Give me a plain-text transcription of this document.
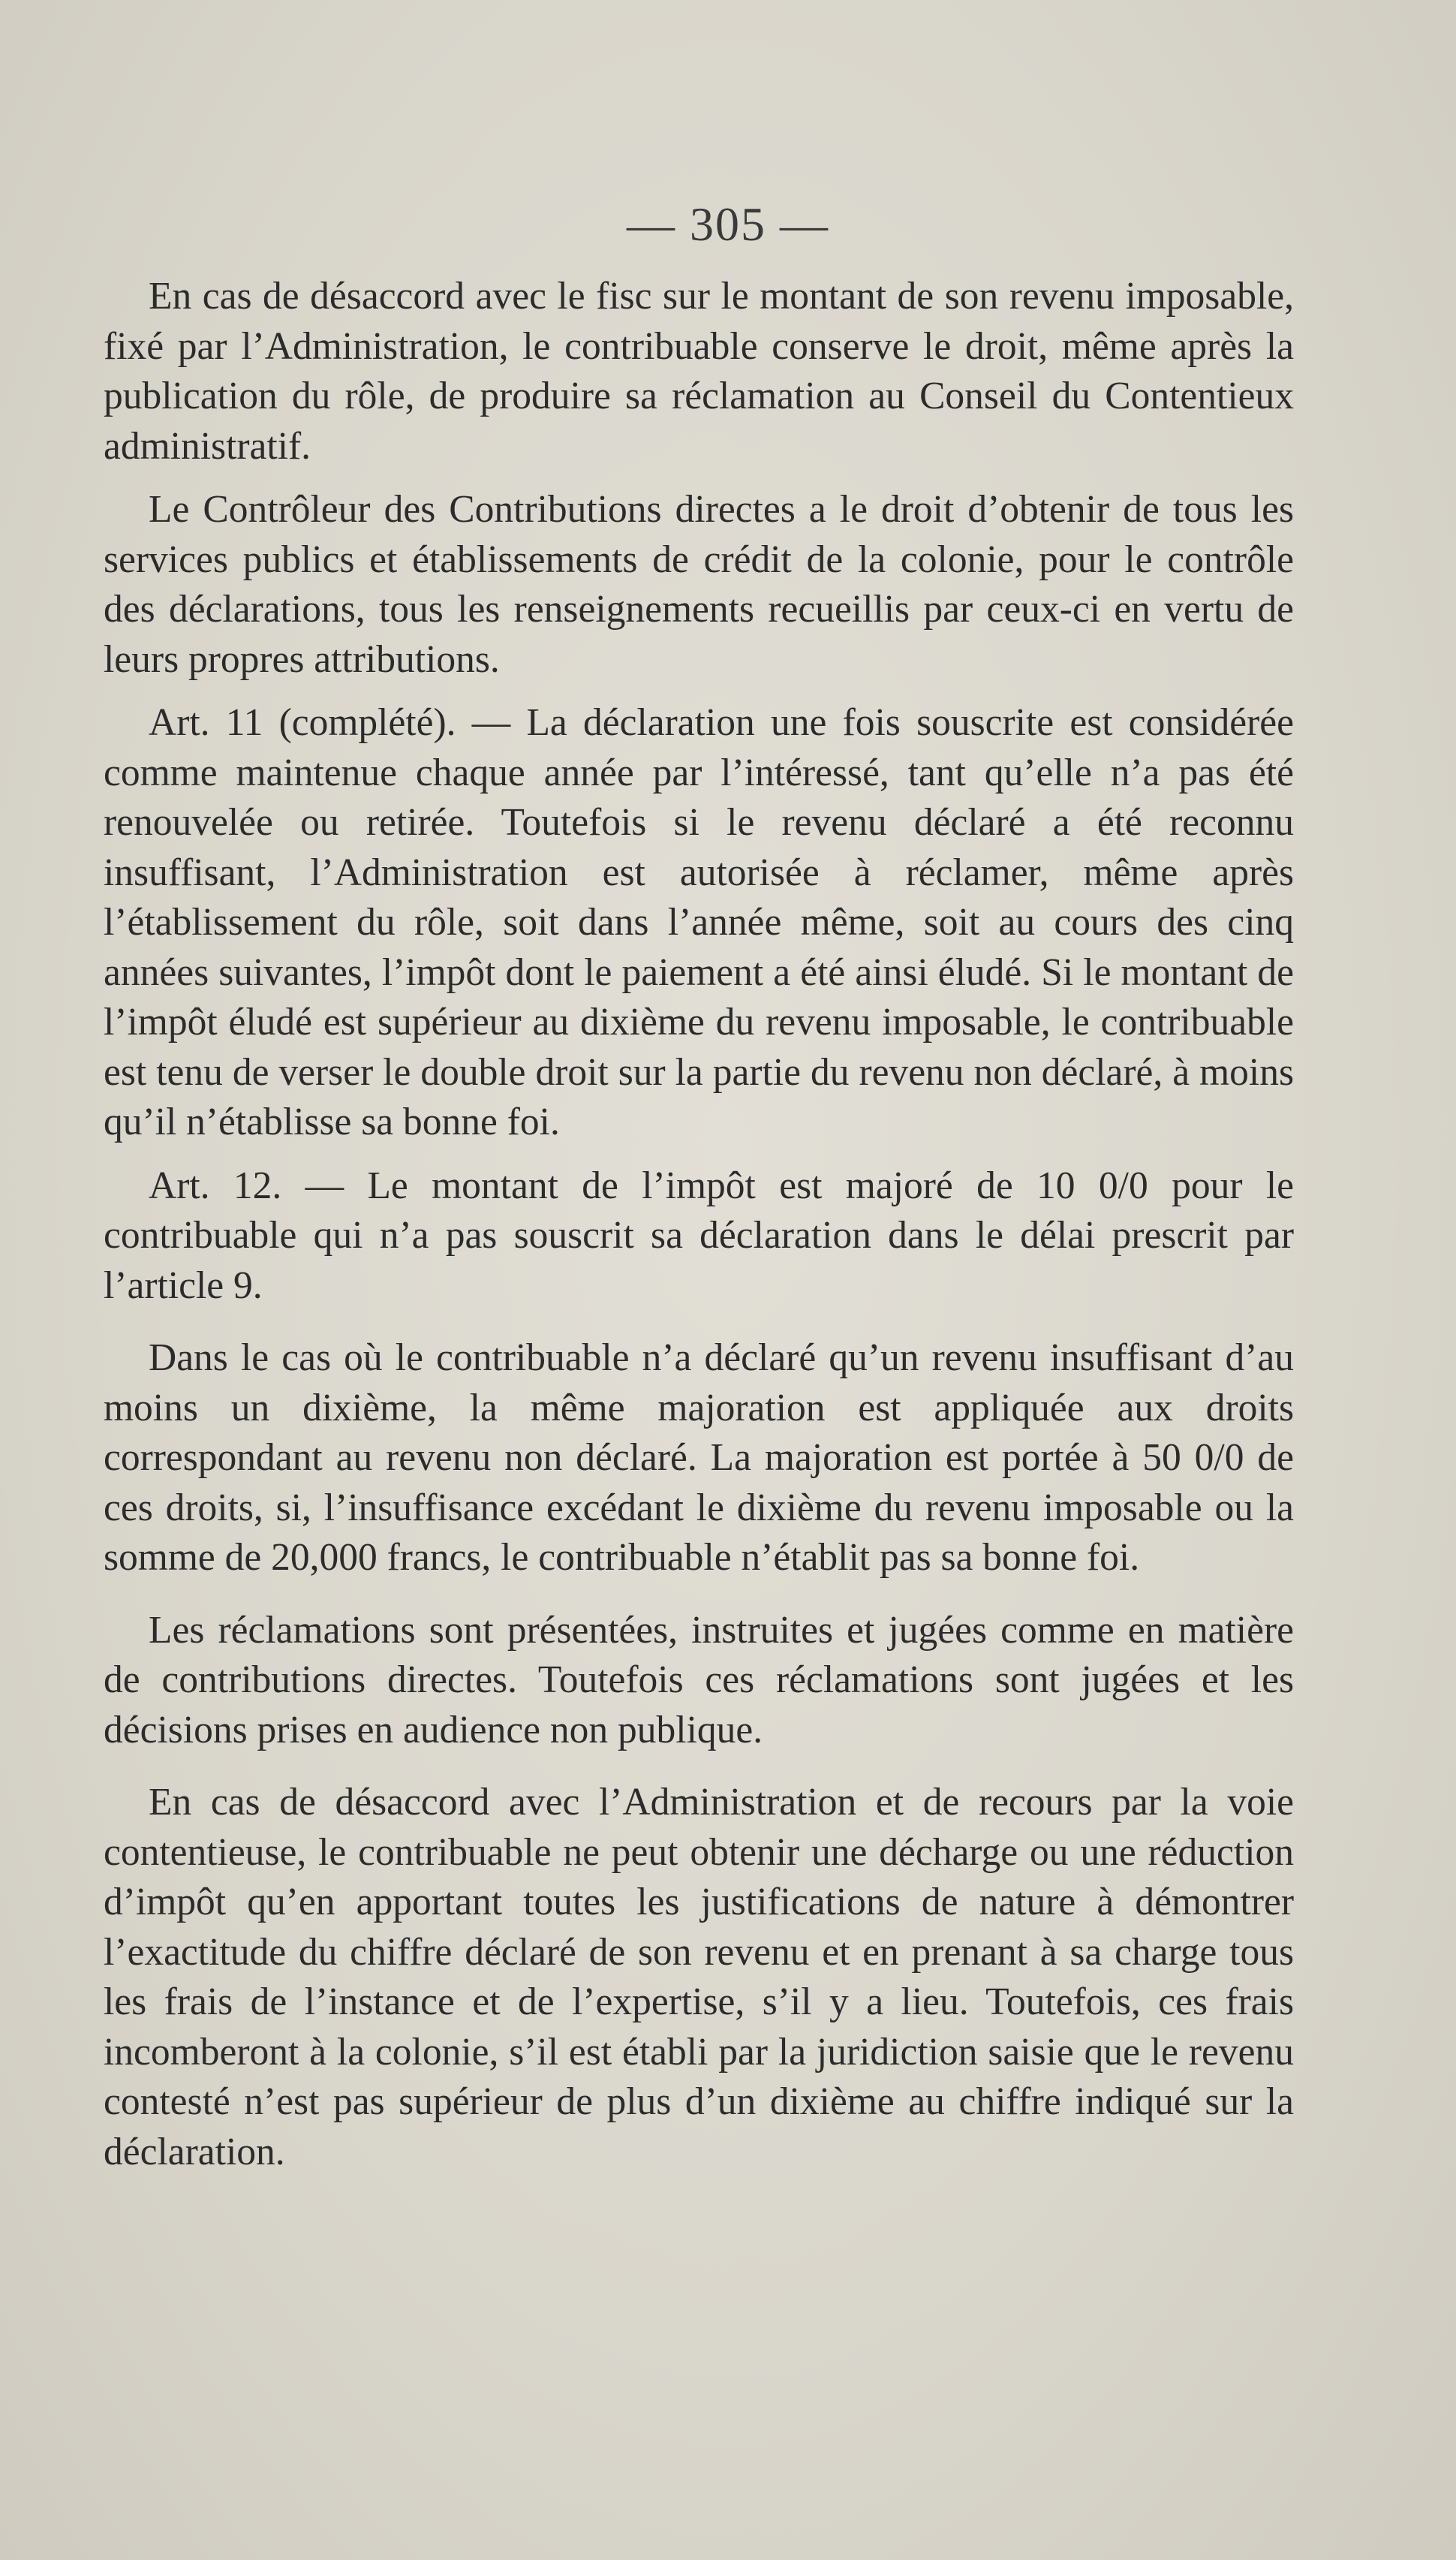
— 305 —

En cas de désaccord avec le fisc sur le montant de son revenu imposable, fixé par l’Administration, le contribuable conserve le droit, même après la publication du rôle, de produire sa réclamation au Conseil du Contentieux administratif.

Le Contrôleur des Contributions directes a le droit d’obtenir de tous les services publics et établissements de crédit de la colonie, pour le contrôle des déclarations, tous les renseignements recueillis par ceux-ci en vertu de leurs propres attributions.

Art. 11 (complété). — La déclaration une fois souscrite est considérée comme maintenue chaque année par l’intéressé, tant qu’elle n’a pas été renouvelée ou retirée. Toutefois si le revenu déclaré a été reconnu insuffisant, l’Administration est autorisée à réclamer, même après l’établissement du rôle, soit dans l’année même, soit au cours des cinq années suivantes, l’impôt dont le paiement a été ainsi éludé. Si le montant de l’impôt éludé est supérieur au dixième du revenu imposable, le contribuable est tenu de verser le double droit sur la partie du revenu non déclaré, à moins qu’il n’établisse sa bonne foi.

Art. 12. — Le montant de l’impôt est majoré de 10 0/0 pour le contribuable qui n’a pas souscrit sa déclaration dans le délai prescrit par l’article 9.

Dans le cas où le contribuable n’a déclaré qu’un revenu insuffisant d’au moins un dixième, la même majoration est appliquée aux droits correspondant au revenu non déclaré. La majoration est portée à 50 0/0 de ces droits, si, l’insuffisance excédant le dixième du revenu imposable ou la somme de 20,000 francs, le contribuable n’établit pas sa bonne foi.

Les réclamations sont présentées, instruites et jugées comme en matière de contributions directes. Toutefois ces réclamations sont jugées et les décisions prises en audience non publique.

En cas de désaccord avec l’Administration et de recours par la voie contentieuse, le contribuable ne peut obtenir une décharge ou une réduction d’impôt qu’en apportant toutes les justifications de nature à démontrer l’exactitude du chiffre déclaré de son revenu et en prenant à sa charge tous les frais de l’instance et de l’expertise, s’il y a lieu. Toutefois, ces frais incomberont à la colonie, s’il est établi par la juridiction saisie que le revenu contesté n’est pas supérieur de plus d’un dixième au chiffre indiqué sur la déclaration.
